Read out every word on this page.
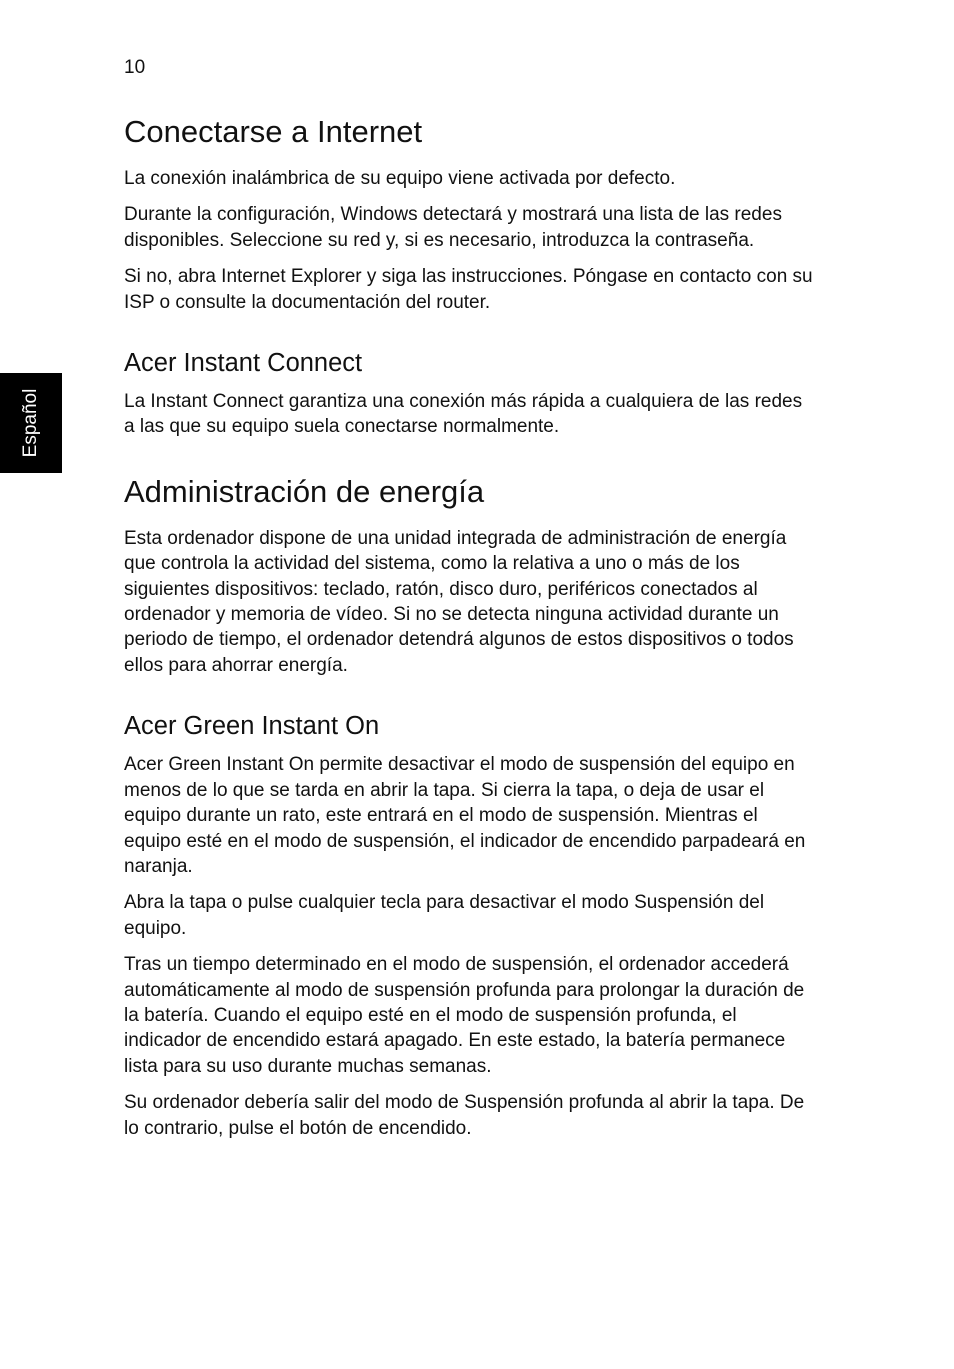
10
Español
Conectarse a Internet

La conexión inalámbrica de su equipo viene activada por defecto.

Durante la configuración, Windows detectará y mostrará una lista de las redes disponibles. Seleccione su red y, si es necesario, introduzca la contraseña.

Si no, abra Internet Explorer y siga las instrucciones. Póngase en contacto con su ISP o consulte la documentación del router.

Acer Instant Connect

La Instant Connect garantiza una conexión más rápida a cualquiera de las redes a las que su equipo suela conectarse normalmente.

Administración de energía

Esta ordenador dispone de una unidad integrada de administración de energía que controla la actividad del sistema, como la relativa a uno o más de los siguientes dispositivos: teclado, ratón, disco duro, periféricos conectados al ordenador y memoria de vídeo. Si no se detecta ninguna actividad durante un periodo de tiempo, el ordenador detendrá algunos de estos dispositivos o todos ellos para ahorrar energía.

Acer Green Instant On

Acer Green Instant On permite desactivar el modo de suspensión del equipo en menos de lo que se tarda en abrir la tapa. Si cierra la tapa, o deja de usar el equipo durante un rato, este entrará en el modo de suspensión. Mientras el equipo esté en el modo de suspensión, el indicador de encendido parpadeará en naranja.

Abra la tapa o pulse cualquier tecla para desactivar el modo Suspensión del equipo.

Tras un tiempo determinado en el modo de suspensión, el ordenador accederá automáticamente al modo de suspensión profunda para prolongar la duración de la batería. Cuando el equipo esté en el modo de suspensión profunda, el indicador de encendido estará apagado. En este estado, la batería permanece lista para su uso durante muchas semanas.

Su ordenador debería salir del modo de Suspensión profunda al abrir la tapa. De lo contrario, pulse el botón de encendido.
